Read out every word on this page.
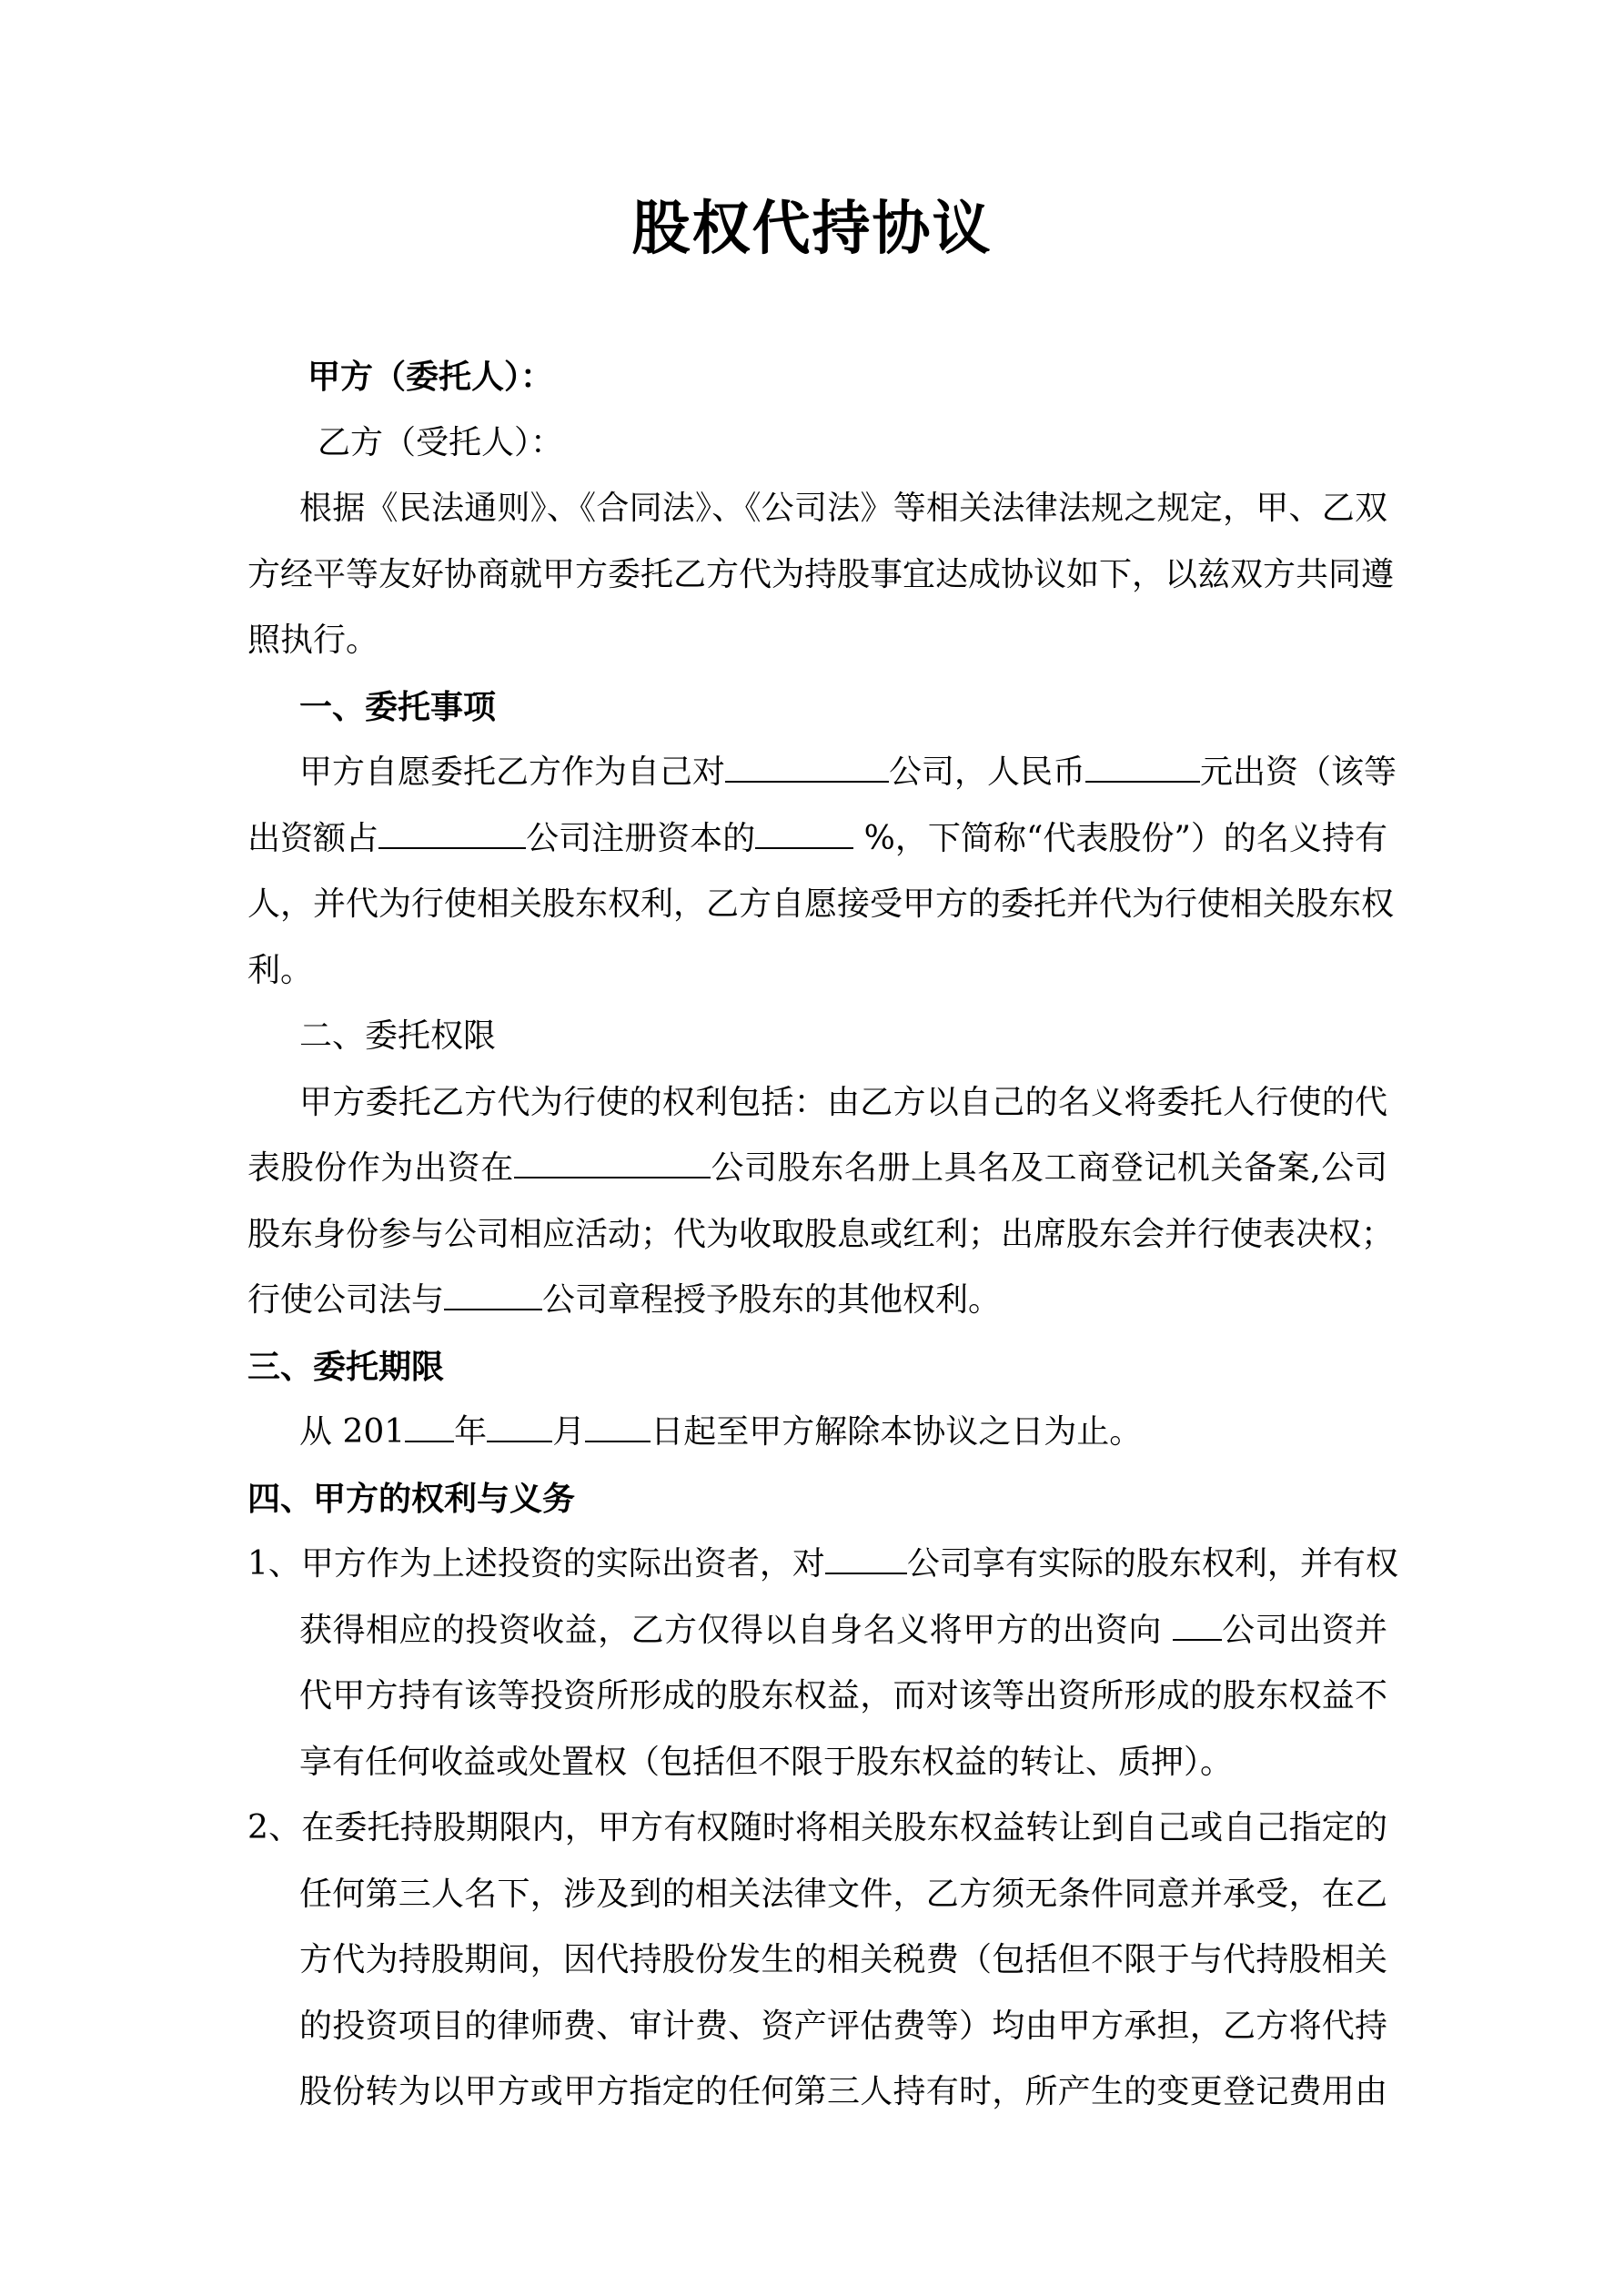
股权代持协议
甲方（委托人）：
乙方（受托人）：
根据《民法通则》、《合同法》、《公司法》等相关法律法规之规定，甲、乙双
方经平等友好协商就甲方委托乙方代为持股事宜达成协议如下，以兹双方共同遵
照执行。
一、委托事项
甲方自愿委托乙方作为自己对	公司，人民币	元出资（该等
出资额占	公司注册资本的	%，下简称“代表股份”）的名义持有
人，并代为行使相关股东权利，乙方自愿接受甲方的委托并代为行使相关股东权
利。
二、委托权限
甲方委托乙方代为行使的权利包括：由乙方以自己的名义将委托人行使的代
表股份作为出资在	公司股东名册上具名及工商登记机关备案,公司
股东身份参与公司相应活动；代为收取股息或红利；出席股东会并行使表决权；
行使公司法与	公司章程授予股东的其他权利。
三、委托期限
从 201 年 月 日起至甲方解除本协议之日为止。
四、甲方的权利与义务
1、甲方作为上述投资的实际出资者，对	公司享有实际的股东权利，并有权
获得相应的投资收益，乙方仅得以自身名义将甲方的出资向 公司出资并
代甲方持有该等投资所形成的股东权益，而对该等出资所形成的股东权益不
享有任何收益或处置权（包括但不限于股东权益的转让、质押）。
2、在委托持股期限内，甲方有权随时将相关股东权益转让到自己或自己指定的
任何第三人名下，涉及到的相关法律文件，乙方须无条件同意并承受，在乙
方代为持股期间，因代持股份发生的相关税费（包括但不限于与代持股相关
的投资项目的律师费、审计费、资产评估费等）均由甲方承担，乙方将代持
股份转为以甲方或甲方指定的任何第三人持有时，所产生的变更登记费用由
